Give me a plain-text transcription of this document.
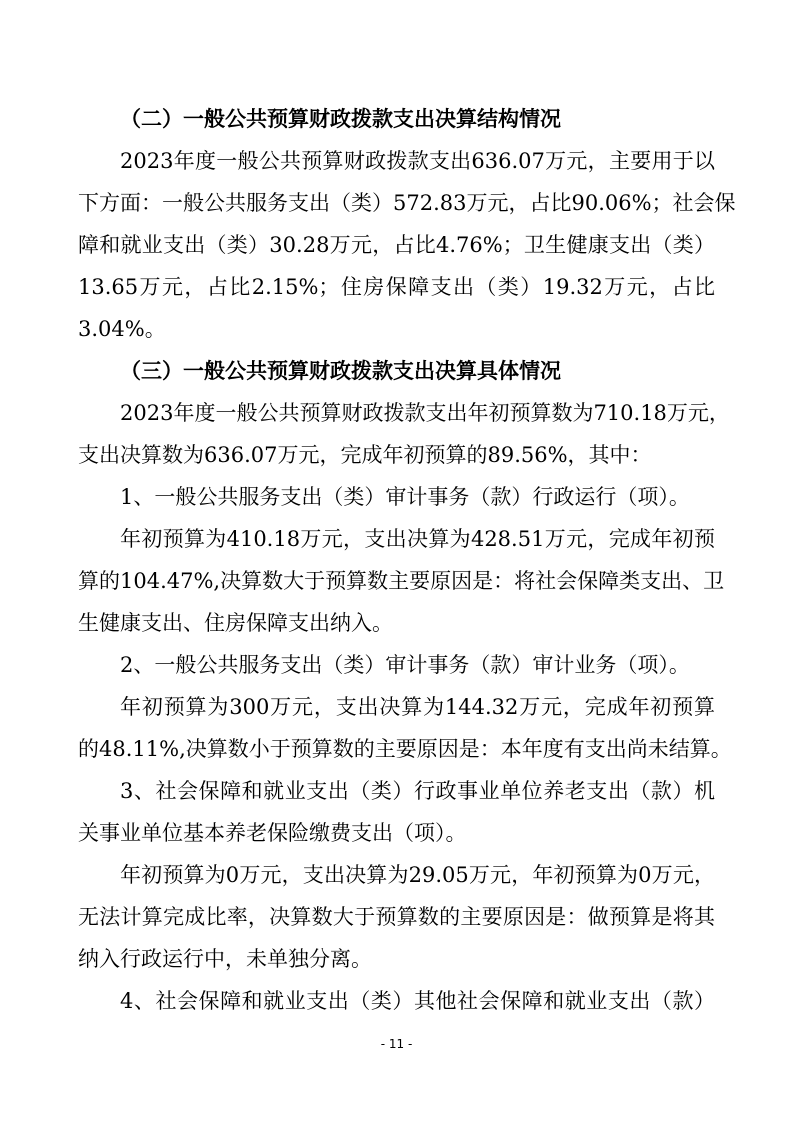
（二）一般公共预算财政拨款支出决算结构情况
2023年度一般公共预算财政拨款支出636.07万元，主要用于以
下方面：一般公共服务支出（类）572.83万元，占比90.06%；社会保
障和就业支出（类）30.28万元，占比4.76%；卫生健康支出（类）
13.65万元，占比2.15%；住房保障支出（类）19.32万元，占比
3.04%。
（三）一般公共预算财政拨款支出决算具体情况
2023年度一般公共预算财政拨款支出年初预算数为710.18万元，
支出决算数为636.07万元，完成年初预算的89.56%，其中：
1、一般公共服务支出（类）审计事务（款）行政运行（项）。
年初预算为410.18万元，支出决算为428.51万元，完成年初预
算的104.47%,决算数大于预算数主要原因是：将社会保障类支出、卫
生健康支出、住房保障支出纳入。
2、一般公共服务支出（类）审计事务（款）审计业务（项）。
年初预算为300万元，支出决算为144.32万元，完成年初预算
的48.11%,决算数小于预算数的主要原因是：本年度有支出尚未结算。
3、社会保障和就业支出（类）行政事业单位养老支出（款）机
关事业单位基本养老保险缴费支出（项）。
年初预算为0万元，支出决算为29.05万元，年初预算为0万元，
无法计算完成比率，决算数大于预算数的主要原因是：做预算是将其
纳入行政运行中，未单独分离。
4、社会保障和就业支出（类）其他社会保障和就业支出（款）
- 11 -
